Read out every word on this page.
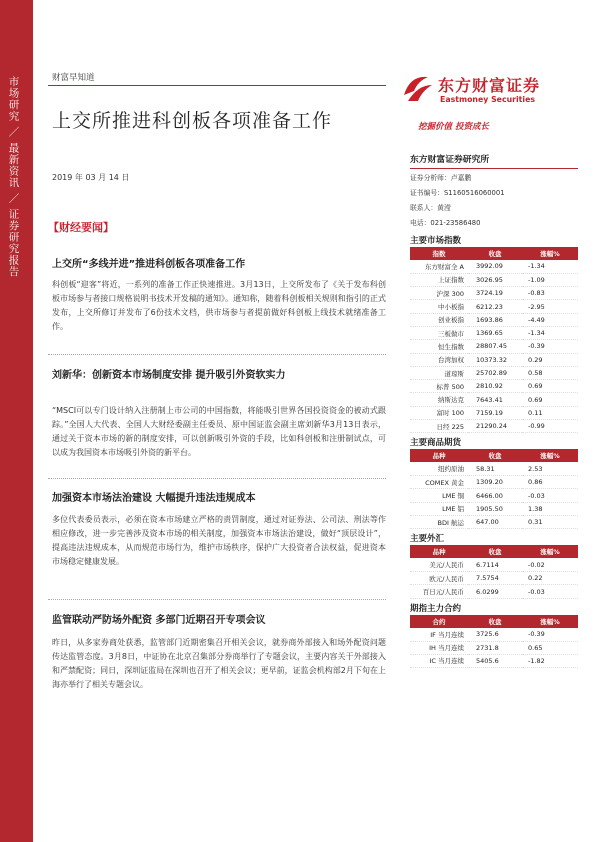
市场研究 ／ 最新资讯 ／ 证券研究报告	财富早知道	东方财富证券
Eastmoney Securities
挖掘价值 投资成长
上交所推进科创板各项准备工作
2019 年 03 月 14 日
【财经要闻】
上交所“多线并进”推进科创板各项准备工作
科创板“迎客”将近，一系列的准备工作正快速推进。3月13日，上交所发布了《关于发布科创板市场参与者接口规格说明书技术开发稿的通知》。通知称，随着科创板相关规则和指引的正式发布，上交所修订并发布了6份技术文档，供市场参与者提前做好科创板上线技术就绪准备工作。
刘新华：创新资本市场制度安排 提升吸引外资软实力
“MSCI可以专门设计纳入注册制上市公司的中国指数，将能吸引世界各国投资资金的被动式跟踪。”全国人大代表、全国人大财经委副主任委员、原中国证监会副主席刘新华3月13日表示，通过关于资本市场的新的制度安排，可以创新吸引外资的手段，比如科创板和注册制试点，可以成为我国资本市场吸引外资的新平台。
加强资本市场法治建设 大幅提升违法违规成本
多位代表委员表示，必须在资本市场建立严格的责罚制度，通过对证券法、公司法、刑法等作相应修改，进一步完善涉及资本市场的相关制度，加强资本市场法治建设，做好“顶层设计”，提高违法违规成本，从而规范市场行为，维护市场秩序，保护广大投资者合法权益，促进资本市场稳定健康发展。
监管联动严防场外配资 多部门近期召开专项会议
昨日，从多家券商处获悉，监管部门近期密集召开相关会议，就券商外部接入和场外配资问题传达监管态度。3月8日，中证协在北京召集部分券商举行了专题会议，主要内容关于外部接入和严禁配资；同日，深圳证监局在深圳也召开了相关会议；更早前，证监会机构部2月下旬在上海亦举行了相关专题会议。
东方财富证券研究所
证券分析师：卢嘉鹏
证书编号：S1160516060001
联系人：黄滢
电话：021-23586480
主要市场指数
指数	收盘	涨幅%
东方财富全 A	3992.09	-1.34
上证指数	3026.95	-1.09
沪深 300	3724.19	-0.83
中小板指	6212.23	-2.95
创业板指	1693.86	-4.49
三板做市	1369.65	-1.34
恒生指数	28807.45	-0.39
台湾加权	10373.32	0.29
道琼斯	25702.89	0.58
标普 500	2810.92	0.69
纳斯达克	7643.41	0.69
富时 100	7159.19	0.11
日经 225	21290.24	-0.99
主要商品期货
品种	收盘	涨幅%
纽约原油	58.31	2.53
COMEX 黄金	1309.20	0.86
LME 铜	6466.00	-0.03
LME 铝	1905.50	1.38
BDI 航运	647.00	0.31
主要外汇
品种	收盘	涨幅%
美元/人民币	6.7114	-0.02
欧元/人民币	7.5754	0.22
百日元/人民币	6.0299	-0.03
期指主力合约
合约	收盘	涨幅%
IF 当月连续	3725.6	-0.39
IH 当月连续	2731.8	0.65
IC 当月连续	5405.6	-1.82
